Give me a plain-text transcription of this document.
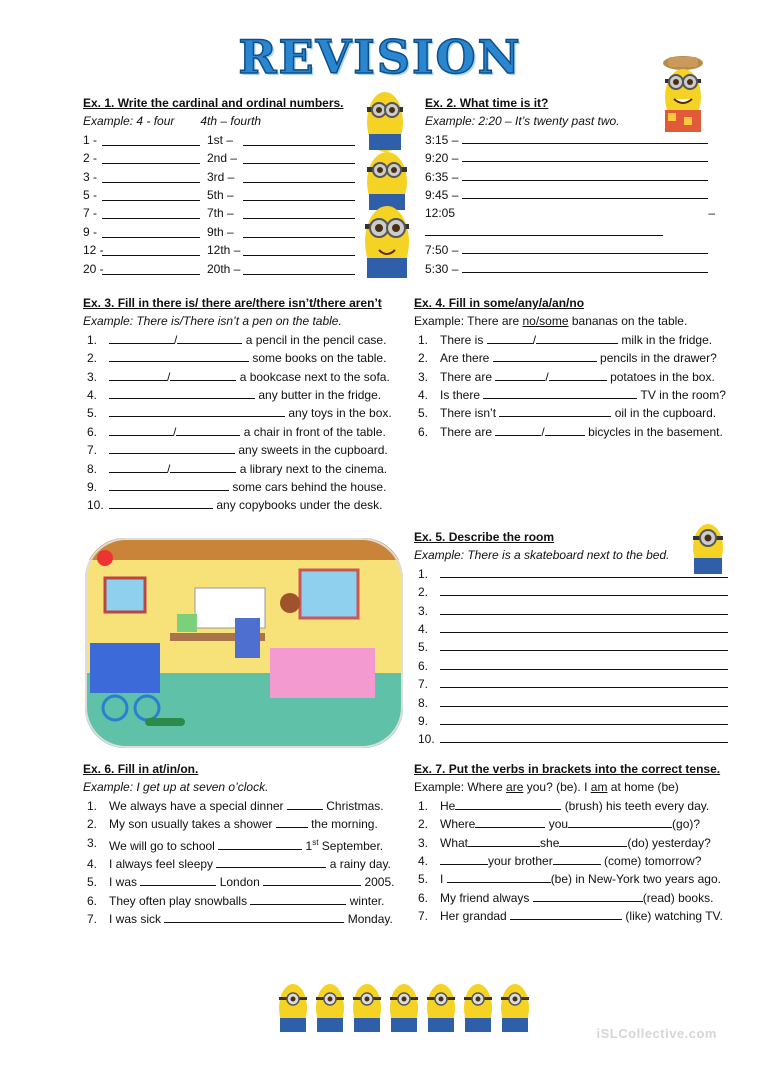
REVISION
Ex. 1. Write the cardinal and ordinal numbers.
Example: 4 - four 4th – fourth
1 -	1st –
2 -	2nd –
3 -	3rd –
5 -	5th –
7 -	7th –
9 -	9th –
12 -	12th –
20 -	20th –
Ex. 2. What time is it?
Example: 2:20 – It’s twenty past two.
3:15 –
9:20 –
6:35 –
9:45 –
12:05	–
7:50 –
5:30 –
Ex. 3. Fill in there is/ there are/there isn’t/there aren’t
Example: There is/There isn’t a pen on the table.
1.	/	a pencil in the pencil case.
2.	some books on the table.
3.	/	a bookcase next to the sofa.
4.	any butter in the fridge.
5.	any toys in the box.
6.	/	a chair in front of the table.
7.	any sweets in the cupboard.
8.	/	a library next to the cinema.
9.	some cars behind the house.
10.	any copybooks under the desk.
Ex. 4. Fill in some/any/a/an/no
Example: There are no/some bananas on the table.
1. There is	/	milk in the fridge.
2. Are there	pencils in the drawer?
3. There are	/	potatoes in the box.
4. Is there	TV in the room?
5. There isn’t	oil in the cupboard.
6. There are	/	bicycles in the basement.
Ex. 5. Describe the room
Example: There is a skateboard next to the bed.
1.
2.
3.
4.
5.
6.
7.
8.
9.
10.
Ex. 6. Fill in at/in/on.
Example: I get up at seven o’clock.
1. We always have a special dinner	Christmas.
2. My son usually takes a shower	the morning.
3. We will go to school	1st September.
4. I always feel sleepy	a rainy day.
5. I was	London	2005.
6. They often play snowballs	winter.
7. I was sick	Monday.
Ex. 7. Put the verbs in brackets into the correct tense.
Example: Where are you? (be). I am at home (be)
1. He	(brush) his teeth every day.
2. Where	you	(go)?
3. What	she	(do) yesterday?
4.	your brother	(come) tomorrow?
5. I	(be) in New-York two years ago.
6. My friend always	(read) books.
7. Her grandad	(like) watching TV.
iSLCollective.com
